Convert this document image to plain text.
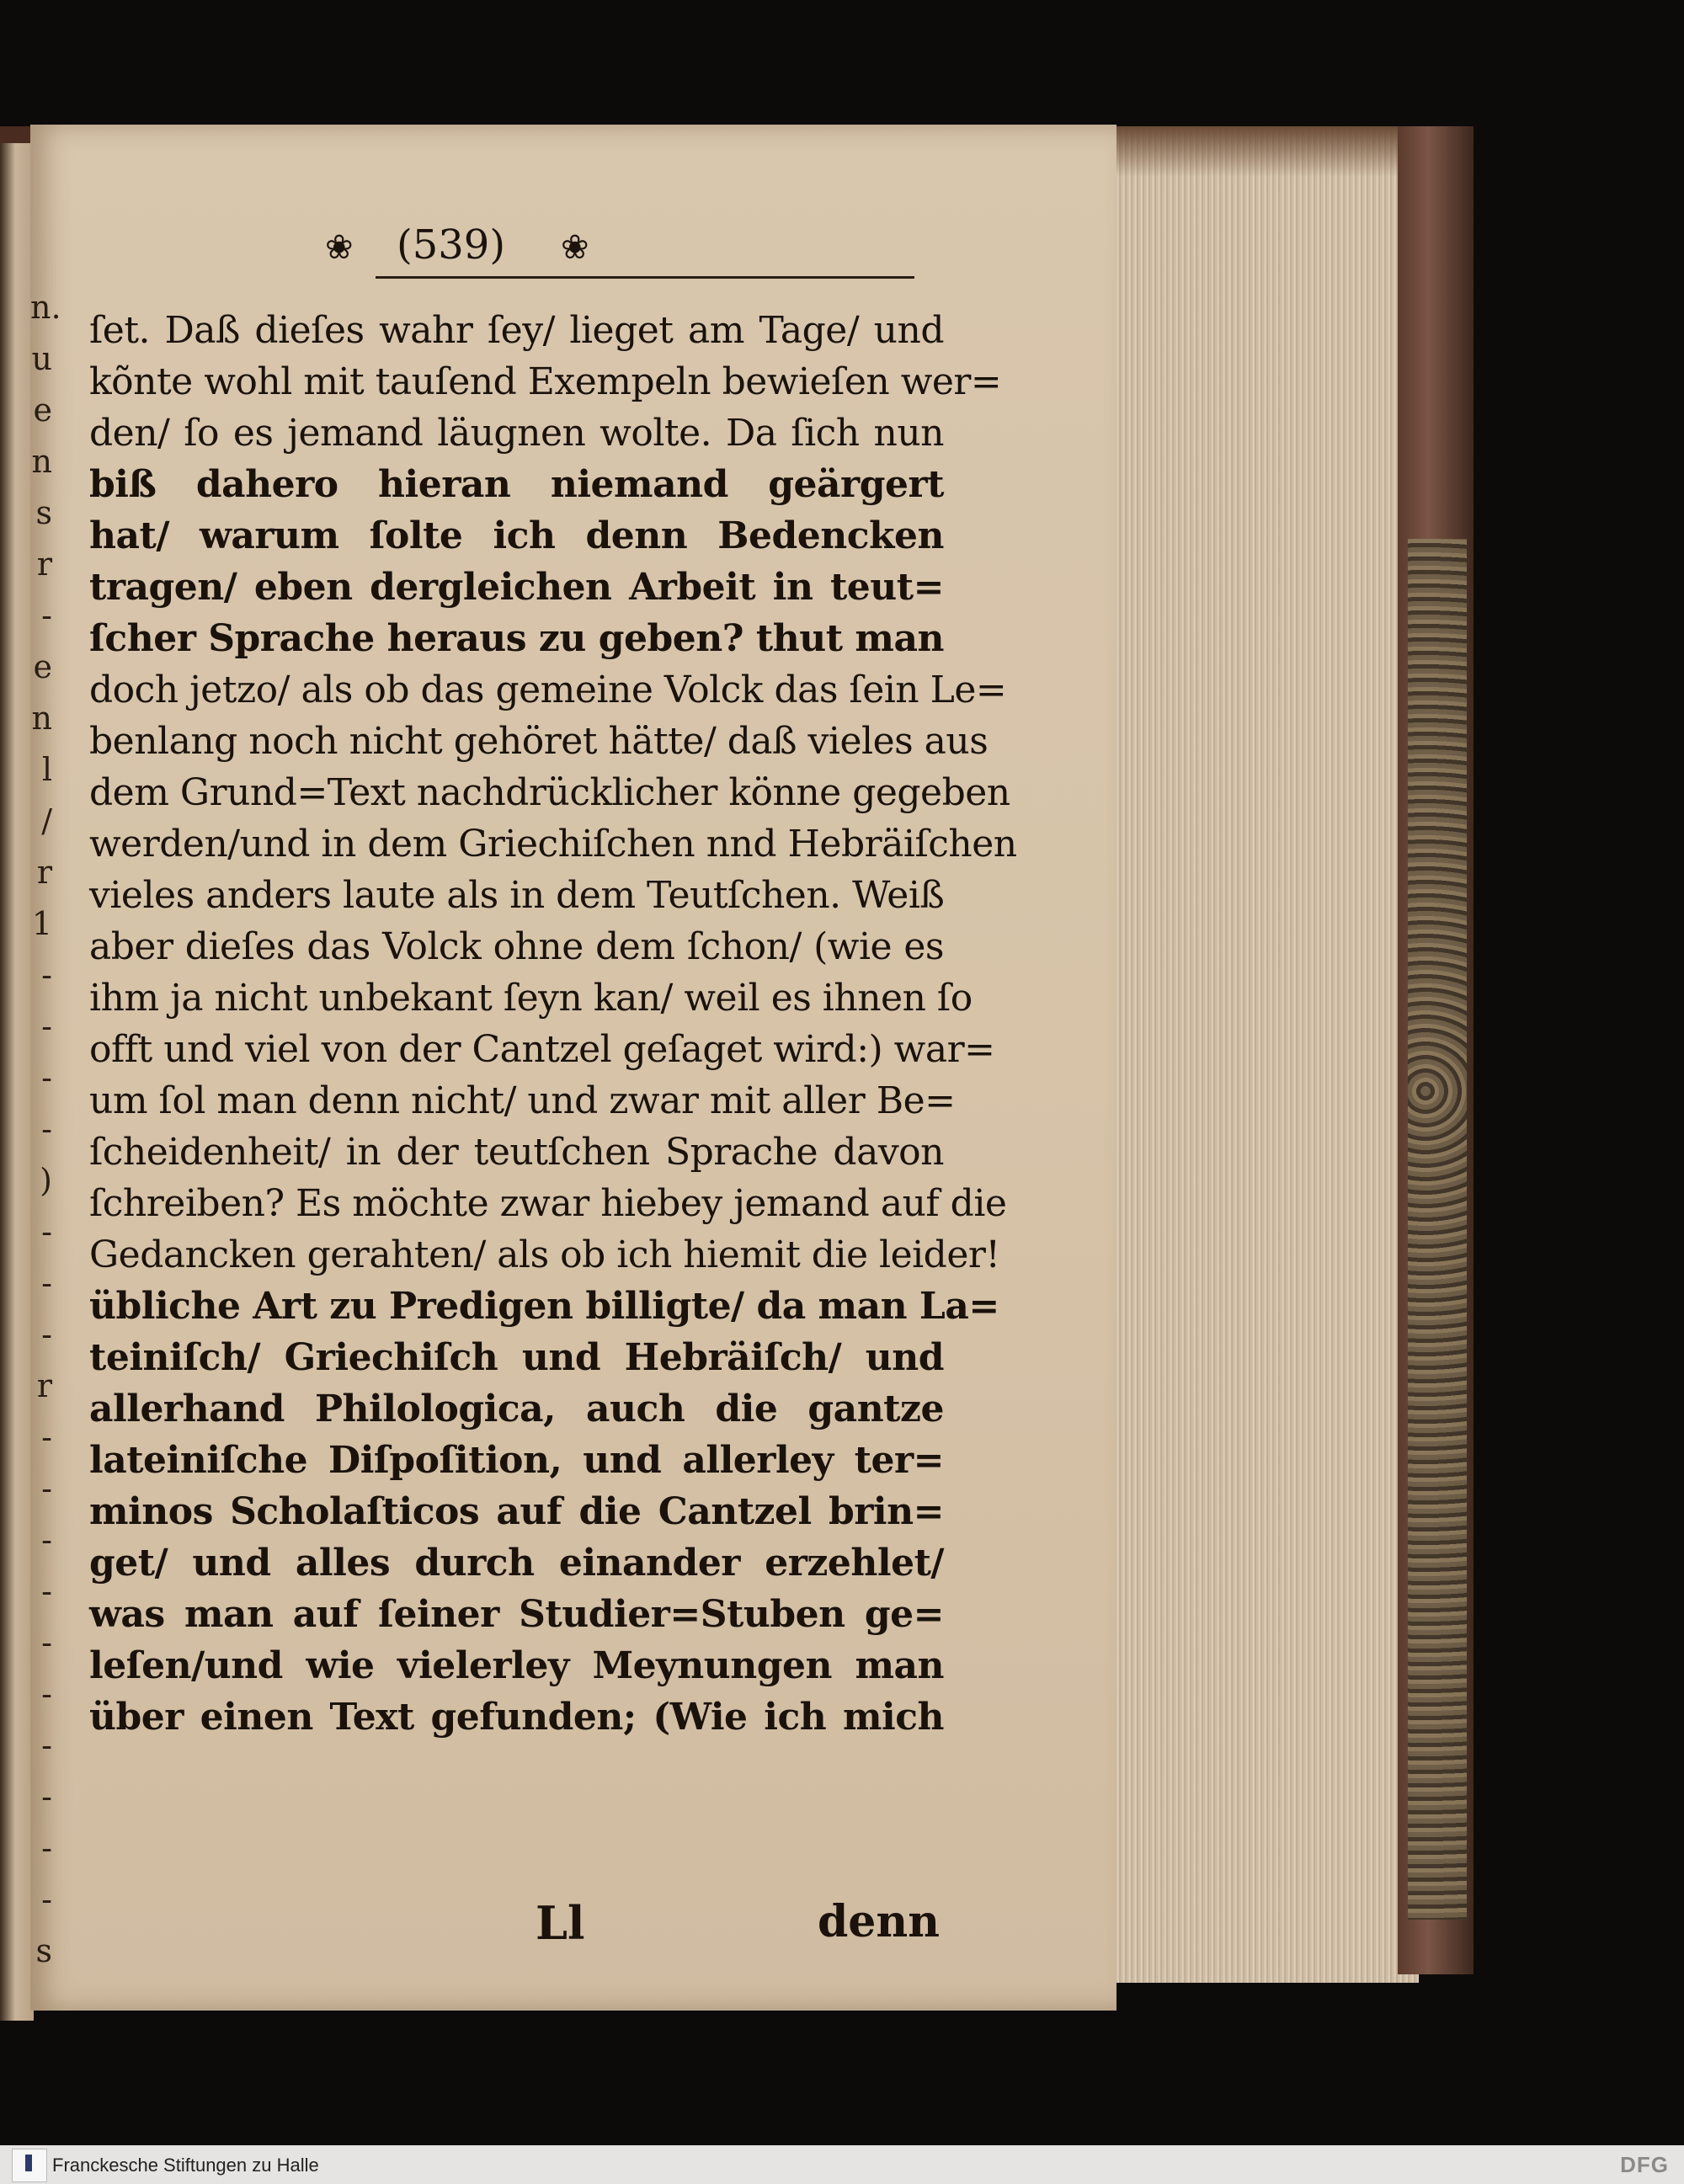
n.
u
e
n
s
r
-
e
n
l
/
r
1
-
-
-
-
)
-
-
-
r
-
-
-
-
-
-
-
-
-
-
s
❀ (539) ❀
ſet. Daß dieſes wahr ſey/ lieget am Tage/ und
kõnte wohl mit tauſend Exempeln bewieſen wer=
den/ ſo es jemand läugnen wolte. Da ſich nun
biß dahero hieran niemand geärgert
hat/ warum ſolte ich denn Bedencken
tragen/ eben dergleichen Arbeit in teut=
ſcher Sprache heraus zu geben? thut man
doch jetzo/ als ob das gemeine Volck das ſein Le=
benlang noch nicht gehöret hätte/ daß vieles aus
dem Grund=Text nachdrücklicher könne gegeben
werden/und in dem Griechiſchen nnd Hebräiſchen
vieles anders laute als in dem Teutſchen. Weiß
aber dieſes das Volck ohne dem ſchon/ (wie es
ihm ja nicht unbekant ſeyn kan/ weil es ihnen ſo
offt und viel von der Cantzel geſaget wird:) war=
um ſol man denn nicht/ und zwar mit aller Be=
ſcheidenheit/ in der teutſchen Sprache davon
ſchreiben? Es möchte zwar hiebey jemand auf die
Gedancken gerahten/ als ob ich hiemit die leider!
übliche Art zu Predigen billigte/ da man La=
teiniſch/ Griechiſch und Hebräiſch/ und
allerhand Philologica, auch die gantze
lateiniſche Diſpoſition, und allerley ter=
minos Scholaſticos auf die Cantzel brin=
get/ und alles durch einander erzehlet/
was man auf ſeiner Studier=Stuben ge=
leſen/und wie vielerley Meynungen man
über einen Text gefunden; (Wie ich mich
Ll	denn
Franckesche Stiftungen zu Halle	DFG
